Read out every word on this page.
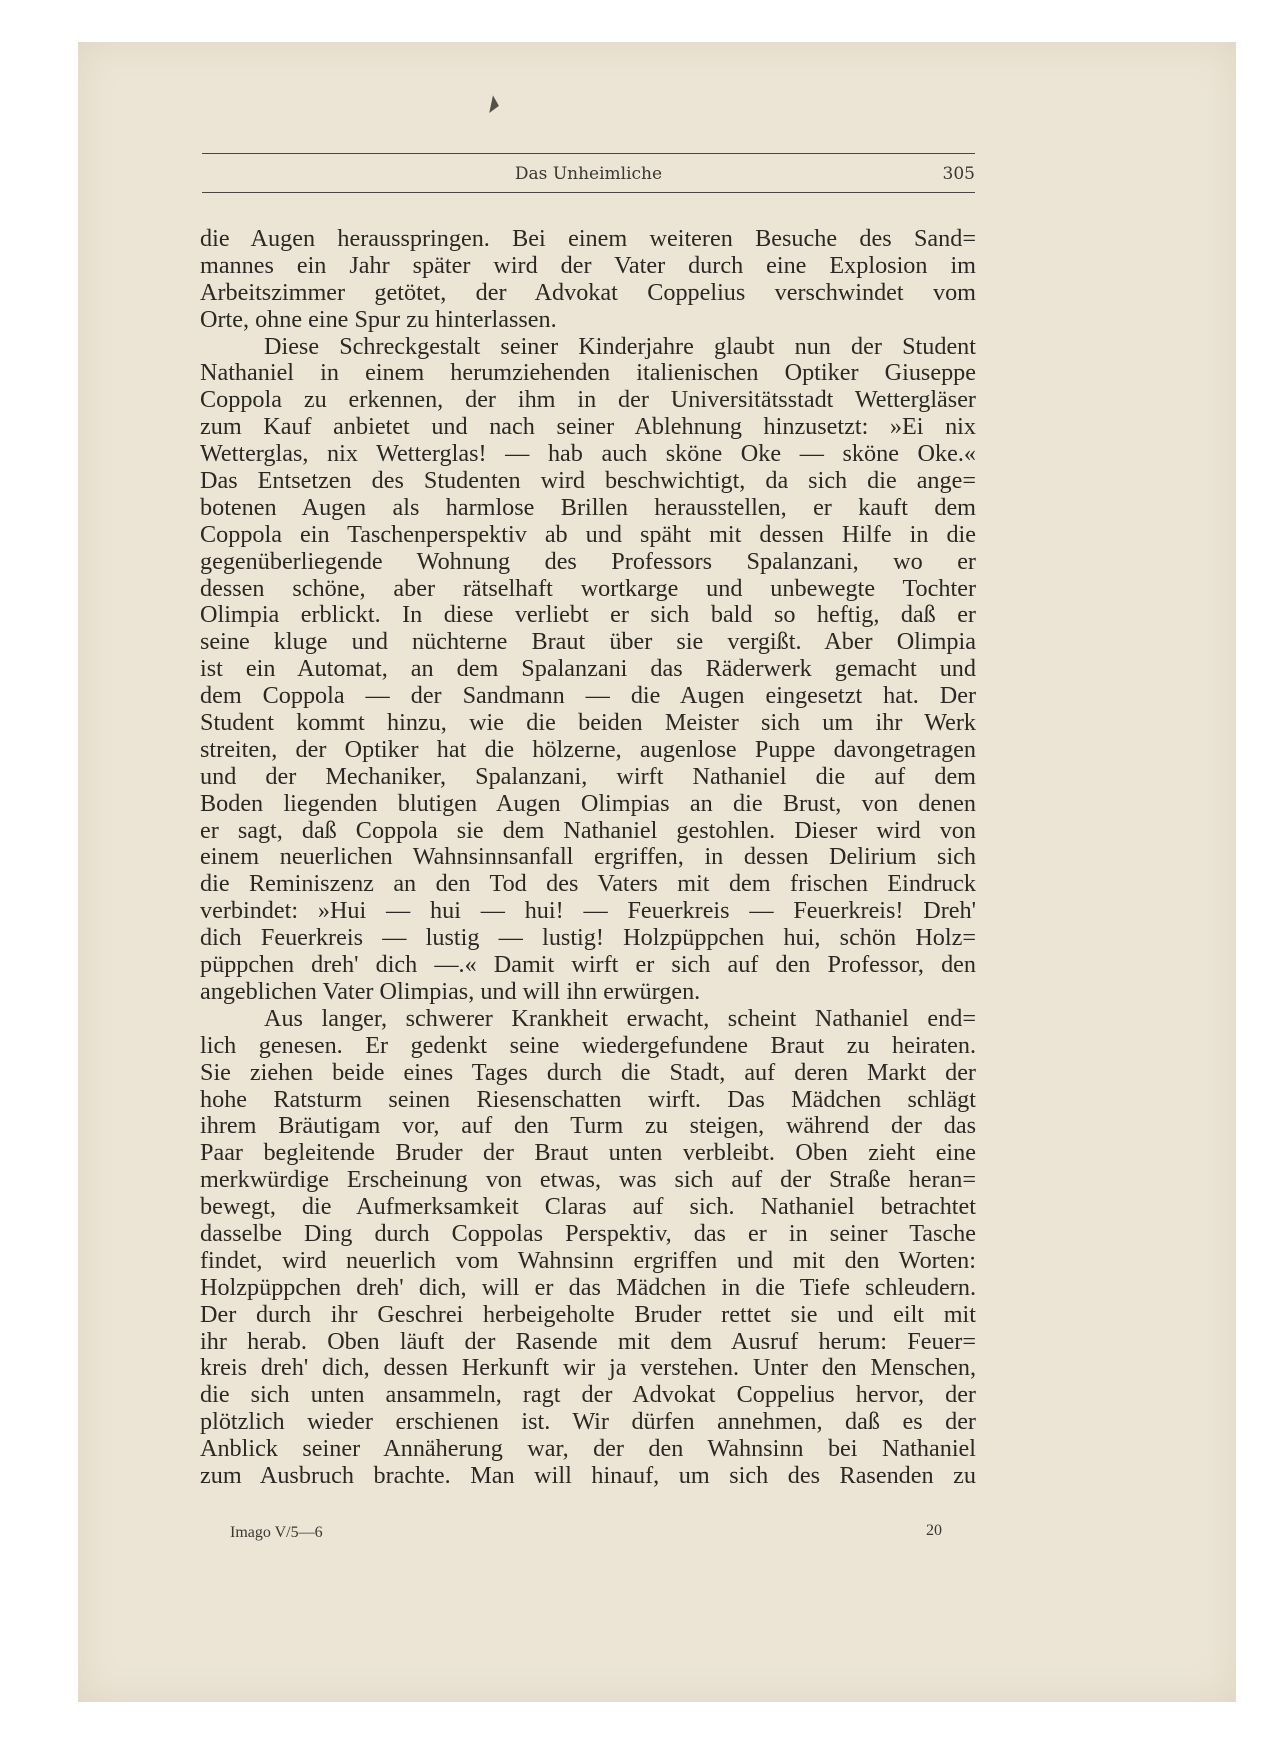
Das Unheimliche	305
die Augen herausspringen. Bei einem weiteren Besuche des Sand=
mannes ein Jahr später wird der Vater durch eine Explosion im
Arbeitszimmer getötet, der Advokat Coppelius verschwindet vom
Orte, ohne eine Spur zu hinterlassen.
Diese Schreckgestalt seiner Kinderjahre glaubt nun der Student
Nathaniel in einem herumziehenden italienischen Optiker Giuseppe
Coppola zu erkennen, der ihm in der Universitätsstadt Wettergläser
zum Kauf anbietet und nach seiner Ablehnung hinzusetzt: »Ei nix
Wetterglas, nix Wetterglas! — hab auch sköne Oke — sköne Oke.«
Das Entsetzen des Studenten wird beschwichtigt, da sich die ange=
botenen Augen als harmlose Brillen herausstellen, er kauft dem
Coppola ein Taschenperspektiv ab und späht mit dessen Hilfe in die
gegenüberliegende Wohnung des Professors Spalanzani, wo er
dessen schöne, aber rätselhaft wortkarge und unbewegte Tochter
Olimpia erblickt. In diese verliebt er sich bald so heftig, daß er
seine kluge und nüchterne Braut über sie vergißt. Aber Olimpia
ist ein Automat, an dem Spalanzani das Räderwerk gemacht und
dem Coppola — der Sandmann — die Augen eingesetzt hat. Der
Student kommt hinzu, wie die beiden Meister sich um ihr Werk
streiten, der Optiker hat die hölzerne, augenlose Puppe davongetragen
und der Mechaniker, Spalanzani, wirft Nathaniel die auf dem
Boden liegenden blutigen Augen Olimpias an die Brust, von denen
er sagt, daß Coppola sie dem Nathaniel gestohlen. Dieser wird von
einem neuerlichen Wahnsinnsanfall ergriffen, in dessen Delirium sich
die Reminiszenz an den Tod des Vaters mit dem frischen Eindruck
verbindet: »Hui — hui — hui! — Feuerkreis — Feuerkreis! Dreh'
dich Feuerkreis — lustig — lustig! Holzpüppchen hui, schön Holz=
püppchen dreh' dich —.« Damit wirft er sich auf den Professor, den
angeblichen Vater Olimpias, und will ihn erwürgen.
Aus langer, schwerer Krankheit erwacht, scheint Nathaniel end=
lich genesen. Er gedenkt seine wiedergefundene Braut zu heiraten.
Sie ziehen beide eines Tages durch die Stadt, auf deren Markt der
hohe Ratsturm seinen Riesenschatten wirft. Das Mädchen schlägt
ihrem Bräutigam vor, auf den Turm zu steigen, während der das
Paar begleitende Bruder der Braut unten verbleibt. Oben zieht eine
merkwürdige Erscheinung von etwas, was sich auf der Straße heran=
bewegt, die Aufmerksamkeit Claras auf sich. Nathaniel betrachtet
dasselbe Ding durch Coppolas Perspektiv, das er in seiner Tasche
findet, wird neuerlich vom Wahnsinn ergriffen und mit den Worten:
Holzpüppchen dreh' dich, will er das Mädchen in die Tiefe schleudern.
Der durch ihr Geschrei herbeigeholte Bruder rettet sie und eilt mit
ihr herab. Oben läuft der Rasende mit dem Ausruf herum: Feuer=
kreis dreh' dich, dessen Herkunft wir ja verstehen. Unter den Menschen,
die sich unten ansammeln, ragt der Advokat Coppelius hervor, der
plötzlich wieder erschienen ist. Wir dürfen annehmen, daß es der
Anblick seiner Annäherung war, der den Wahnsinn bei Nathaniel
zum Ausbruch brachte. Man will hinauf, um sich des Rasenden zu
Imago V/5—6	20
